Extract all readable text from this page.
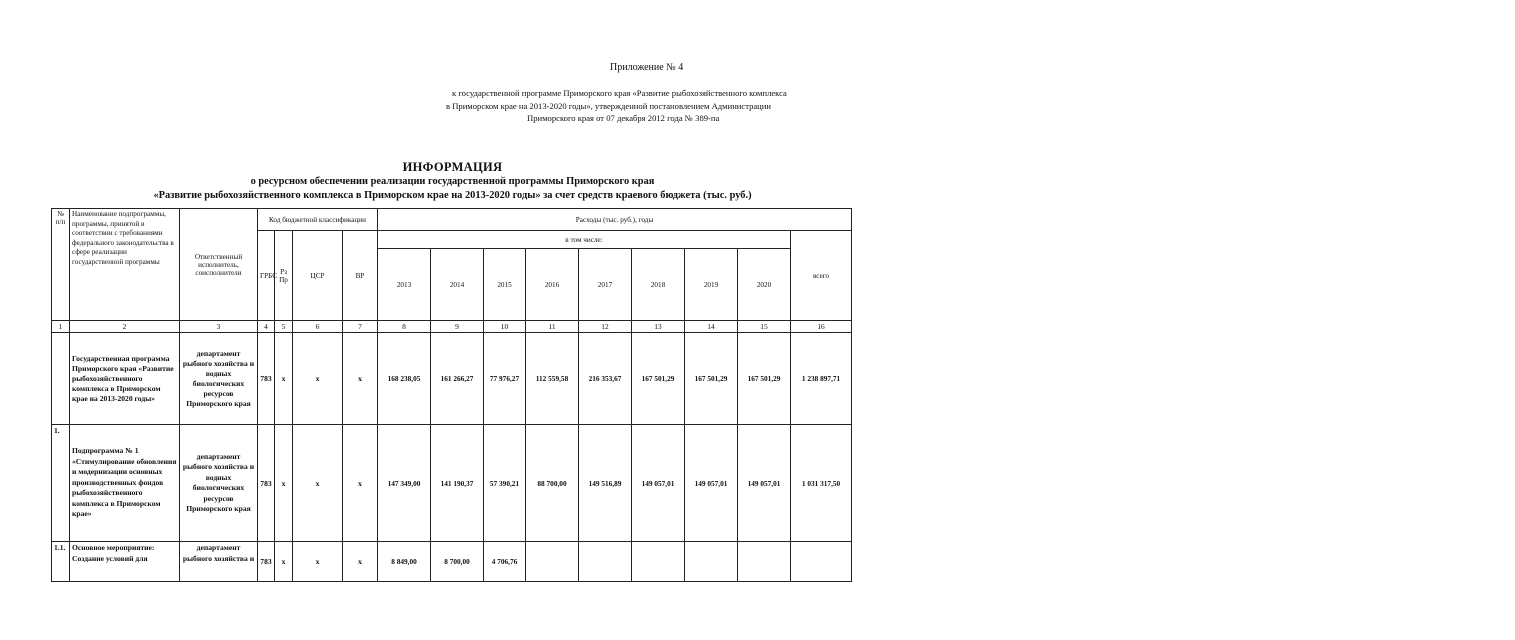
Приложение № 4
к государственной программе Приморского края «Развитие рыбохозяйственного комплекса
в Приморском крае на 2013-2020 годы», утвержденной постановлением Администрации
Приморского края от 07 декабря 2012 года № 389-па
ИНФОРМАЦИЯ
о ресурсном обеспечении реализации государственной программы Приморского края
«Развитие рыбохозяйственного комплекса в Приморском крае на 2013-2020 годы» за счет средств краевого бюджета (тыс. руб.)
№ п/п	Наименование подпрограммы, программы, принятой в соответствии с требованиями федерального законодательства в сфере реализации государственной программы	Ответственный исполнитель, соисполнители	Код бюджетной классификации				Расходы (тыс. руб.), годы								
			ГРБС	Рз Пр	ЦСР	ВР	в том числе:								всего
							2013	2014	2015	2016	2017	2018	2019	2020	
1	2	3	4	5	6	7	8	9	10	11	12	13	14	15	16
	Государственная программа Приморского края «Развитие рыбохозяйственного комплекса в Приморском крае на 2013-2020 годы»	департамент рыбного хозяйства и водных биологических ресурсов Приморского края	783	х	х	х	168 238,05	161 266,27	77 976,27	112 559,58	216 353,67	167 501,29	167 501,29	167 501,29	1 238 897,71
1.	Подпрограмма № 1 «Стимулирование обновления и модернизации основных производственных фондов рыбохозяйственного комплекса в Приморском крае»	департамент рыбного хозяйства и водных биологических ресурсов Приморского края	783	х	х	х	147 349,00	141 190,37	57 390,21	88 700,00	149 516,89	149 057,01	149 057,01	149 057,01	1 031 317,50
1.1.	Основное мероприятие: Создание условий для	департамент рыбного хозяйства и	783	х	х	х	8 849,00	8 700,00	4 706,76						
